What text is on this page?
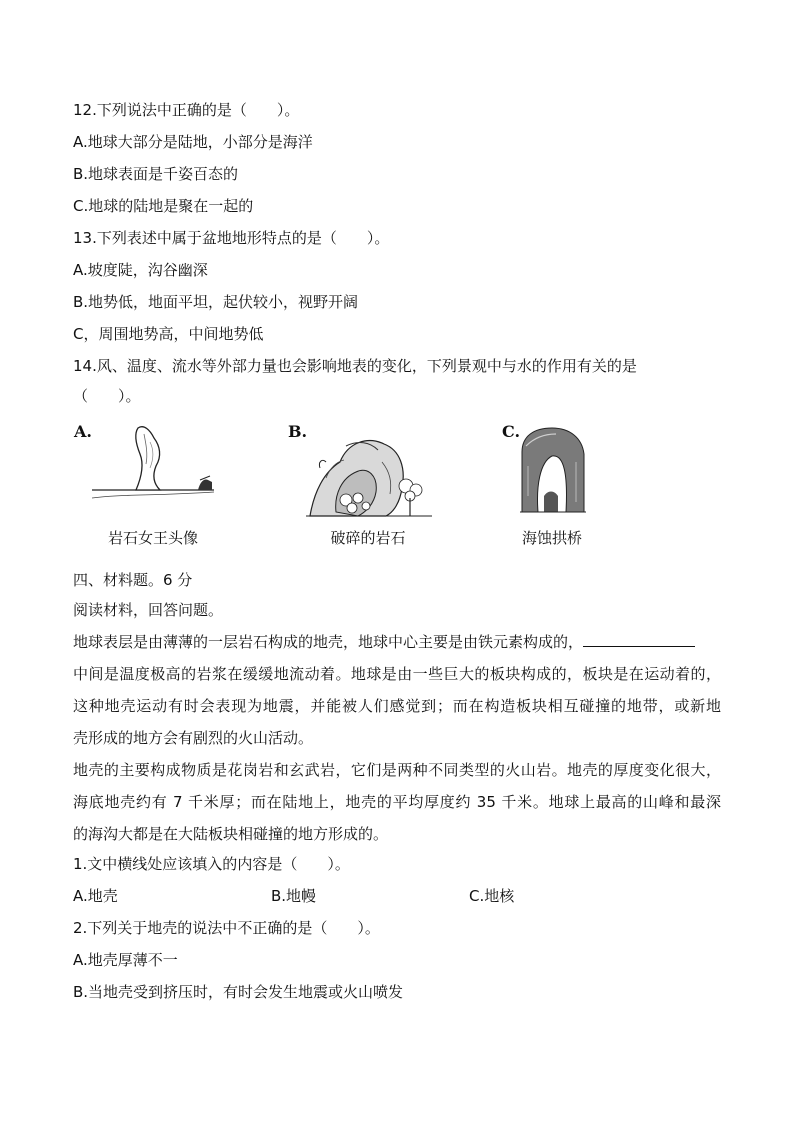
12.下列说法中正确的是（　　）。
A.地球大部分是陆地，小部分是海洋
B.地球表面是千姿百态的
C.地球的陆地是聚在一起的
13.下列表述中属于盆地地形特点的是（　　）。
A.坡度陡，沟谷幽深
B.地势低，地面平坦，起伏较小，视野开阔
C，周围地势高，中间地势低
14.风、温度、流水等外部力量也会影响地表的变化，下列景观中与水的作用有关的是
（　　）。
A.
岩石女王头像
B.
破碎的岩石
C.
海蚀拱桥
四、材料题。6 分
阅读材料，回答问题。
地球表层是由薄薄的一层岩石构成的地壳，地球中心主要是由铁元素构成的，
中间是温度极高的岩浆在缓缓地流动着。地球是由一些巨大的板块构成的，板块是在运动着的，
这种地壳运动有时会表现为地震，并能被人们感觉到；而在构造板块相互碰撞的地带，或新地
壳形成的地方会有剧烈的火山活动。
地壳的主要构成物质是花岗岩和玄武岩，它们是两种不同类型的火山岩。地壳的厚度变化很大，
海底地壳约有 7 千米厚；而在陆地上，地壳的平均厚度约 35 千米。地球上最高的山峰和最深
的海沟大都是在大陆板块相碰撞的地方形成的。
1.文中横线处应该填入的内容是（　　）。
A.地壳	B.地幔	C.地核
2.下列关于地壳的说法中不正确的是（　　）。
A.地壳厚薄不一
B.当地壳受到挤压时，有时会发生地震或火山喷发
